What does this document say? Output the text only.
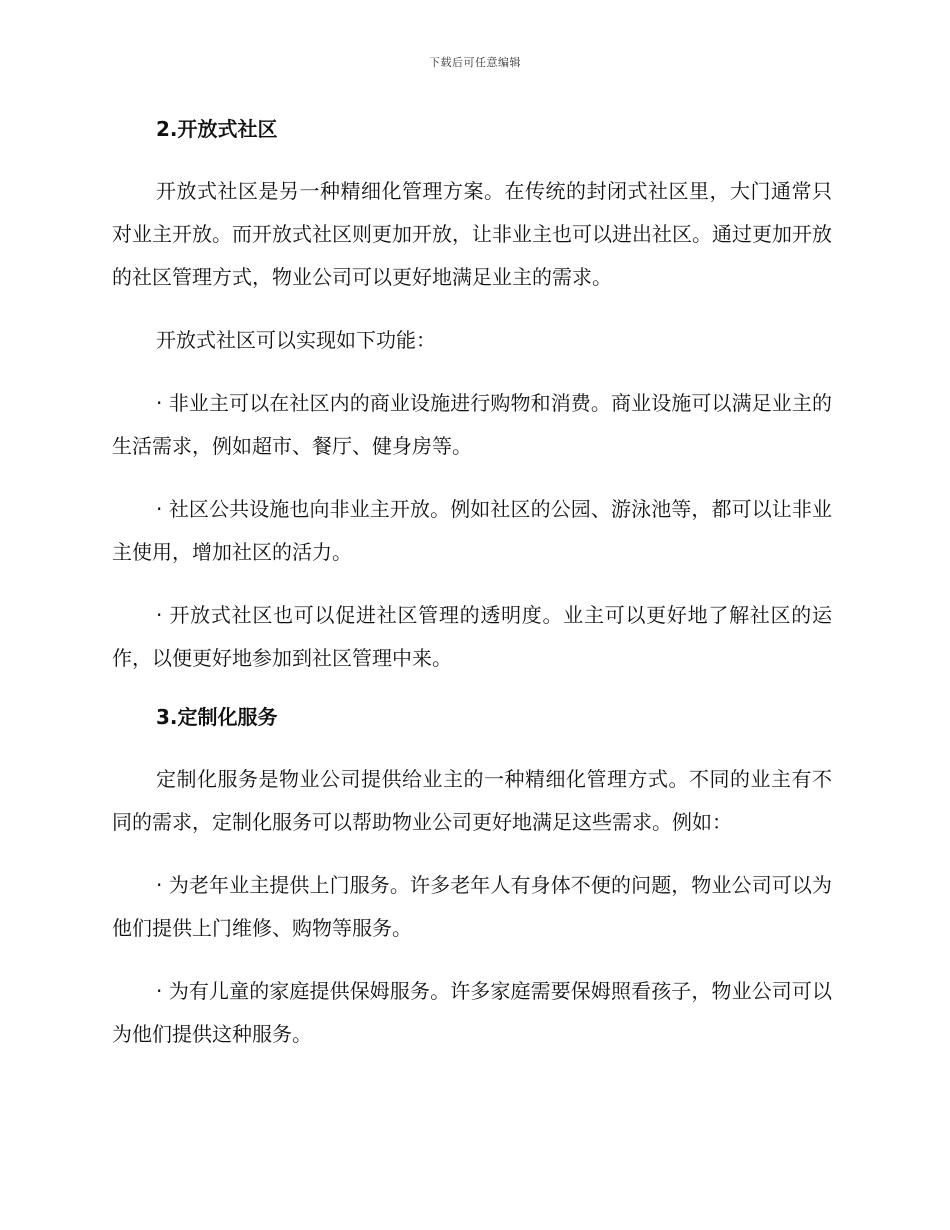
下载后可任意编辑
2.开放式社区

开放式社区是另一种精细化管理方案。在传统的封闭式社区里，大门通常只对业主开放。而开放式社区则更加开放，让非业主也可以进出社区。通过更加开放的社区管理方式，物业公司可以更好地满足业主的需求。

开放式社区可以实现如下功能：

· 非业主可以在社区内的商业设施进行购物和消费。商业设施可以满足业主的生活需求，例如超市、餐厅、健身房等。

· 社区公共设施也向非业主开放。例如社区的公园、游泳池等，都可以让非业主使用，增加社区的活力。

· 开放式社区也可以促进社区管理的透明度。业主可以更好地了解社区的运作，以便更好地参加到社区管理中来。

3.定制化服务

定制化服务是物业公司提供给业主的一种精细化管理方式。不同的业主有不同的需求，定制化服务可以帮助物业公司更好地满足这些需求。例如：

· 为老年业主提供上门服务。许多老年人有身体不便的问题，物业公司可以为他们提供上门维修、购物等服务。

· 为有儿童的家庭提供保姆服务。许多家庭需要保姆照看孩子，物业公司可以为他们提供这种服务。
